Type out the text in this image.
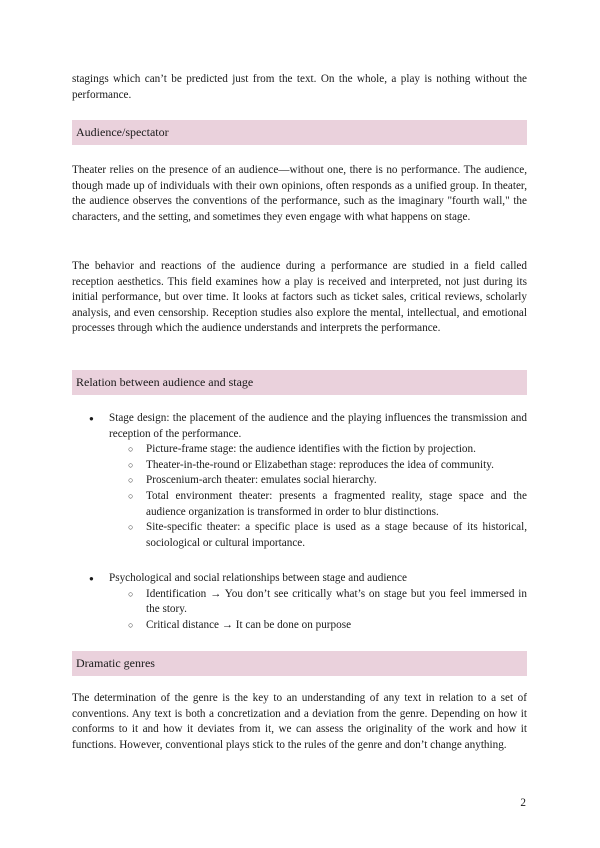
stagings which can’t be predicted just from the text. On the whole, a play is nothing without the performance.

Audience/spectator

Theater relies on the presence of an audience—without one, there is no performance. The audience, though made up of individuals with their own opinions, often responds as a unified group. In theater, the audience observes the conventions of the performance, such as the imaginary "fourth wall," the characters, and the setting, and sometimes they even engage with what happens on stage.

The behavior and reactions of the audience during a performance are studied in a field called reception aesthetics. This field examines how a play is received and interpreted, not just during its initial performance, but over time. It looks at factors such as ticket sales, critical reviews, scholarly analysis, and even censorship. Reception studies also explore the mental, intellectual, and emotional processes through which the audience understands and interprets the performance.

Relation between audience and stage
● Stage design: the placement of the audience and the playing influences the transmission and reception of the performance.
○ Picture-frame stage: the audience identifies with the fiction by projection.
○ Theater-in-the-round or Elizabethan stage: reproduces the idea of community.
○ Proscenium-arch theater: emulates social hierarchy.
○ Total environment theater: presents a fragmented reality, stage space and the audience organization is transformed in order to blur distinctions.
○ Site-specific theater: a specific place is used as a stage because of its historical, sociological or cultural importance.
● Psychological and social relationships between stage and audience
○ Identification → You don’t see critically what’s on stage but you feel immersed in the story.
○ Critical distance → It can be done on purpose
Dramatic genres

The determination of the genre is the key to an understanding of any text in relation to a set of conventions. Any text is both a concretization and a deviation from the genre. Depending on how it conforms to it and how it deviates from it, we can assess the originality of the work and how it functions. However, conventional plays stick to the rules of the genre and don’t change anything.

2
